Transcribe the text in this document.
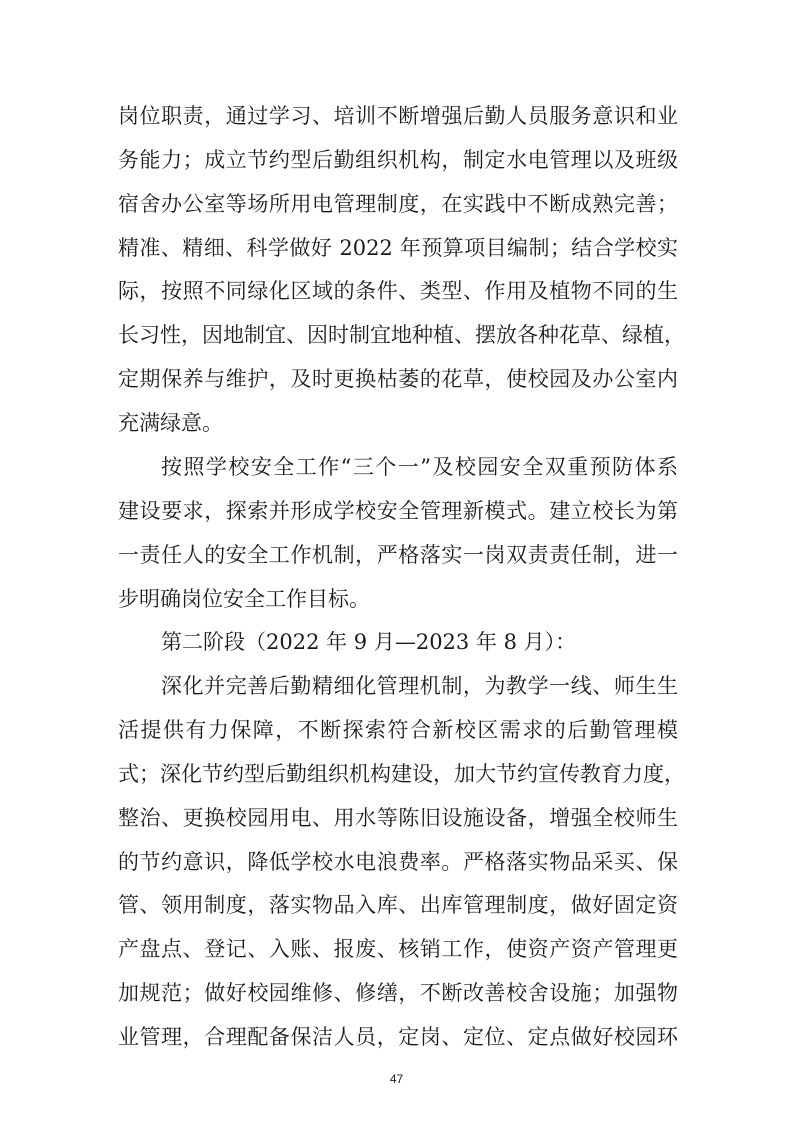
岗位职责，通过学习、培训不断增强后勤人员服务意识和业
务能力；成立节约型后勤组织机构，制定水电管理以及班级
宿舍办公室等场所用电管理制度，在实践中不断成熟完善；
精准、精细、科学做好 2022 年预算项目编制；结合学校实
际，按照不同绿化区域的条件、类型、作用及植物不同的生
长习性，因地制宜、因时制宜地种植、摆放各种花草、绿植，
定期保养与维护，及时更换枯萎的花草，使校园及办公室内
充满绿意。
按照学校安全工作“三个一”及校园安全双重预防体系
建设要求，探索并形成学校安全管理新模式。建立校长为第
一责任人的安全工作机制，严格落实一岗双责责任制，进一
步明确岗位安全工作目标。
第二阶段（2022 年 9 月—2023 年 8 月）：
深化并完善后勤精细化管理机制，为教学一线、师生生
活提供有力保障，不断探索符合新校区需求的后勤管理模
式；深化节约型后勤组织机构建设，加大节约宣传教育力度，
整治、更换校园用电、用水等陈旧设施设备，增强全校师生
的节约意识，降低学校水电浪费率。严格落实物品采买、保
管、领用制度，落实物品入库、出库管理制度，做好固定资
产盘点、登记、入账、报废、核销工作，使资产资产管理更
加规范；做好校园维修、修缮，不断改善校舍设施；加强物
业管理，合理配备保洁人员，定岗、定位、定点做好校园环
47
